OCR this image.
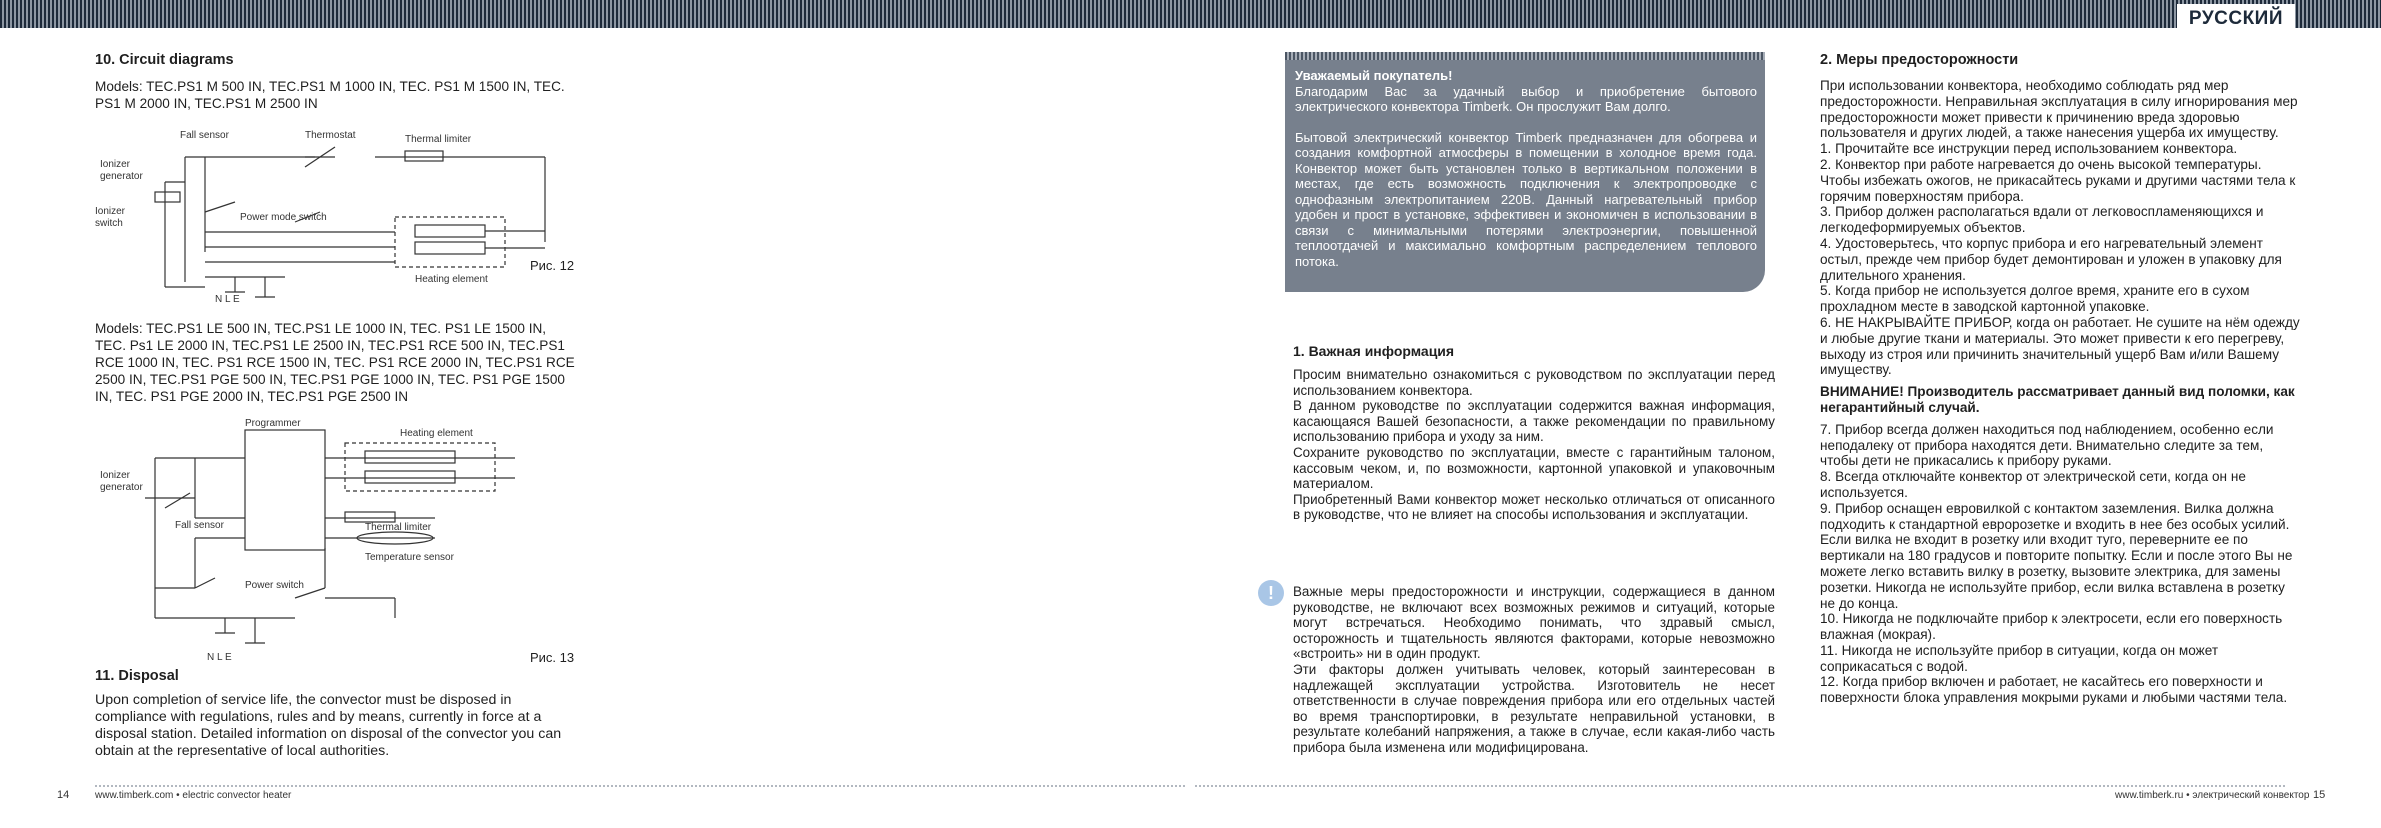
РУССКИЙ
10. Circuit diagrams

Models: TEC.PS1 M 500 IN, TEC.PS1 M 1000 IN, TEC. PS1 M 1500 IN, TEC. PS1 M 2000 IN, TEC.PS1 M 2500 IN

Fall sensor	Thermostat	Thermal limiter
Ionizer
generator
Ionizer
switch
Power mode switch
Heating element
N L E
Рис. 12

Models: TEC.PS1 LE 500 IN, TEC.PS1 LE 1000 IN, TEC. PS1 LE 1500 IN, TEC. Ps1 LE 2000 IN, TEC.PS1 LE 2500 IN, TEC.PS1 RCE 500 IN, TEC.PS1 RCE 1000 IN, TEC. PS1 RCE 1500 IN, TEC. PS1 RCE 2000 IN, TEC.PS1 RCE 2500 IN, TEC.PS1 PGE 500 IN, TEC.PS1 PGE 1000 IN, TEC. PS1 PGE 1500 IN, TEC. PS1 PGE 2000 IN, TEC.PS1 PGE 2500 IN

Programmer
Heating element
Ionizer
generator
Fall sensor	Thermal limiter
Temperature sensor
Power switch
N L E	Рис. 13
11. Disposal

Upon completion of service life, the convector must be disposed in compliance with regulations, rules and by means, currently in force at a disposal station. Detailed information on disposal of the convector you can obtain at the representative of local authorities.

14	www.timberk.com • electric convector heater

Уважаемый покупатель!

Благодарим Вас за удачный выбор и приобретение бытового электрического конвектора Timberk. Он прослужит Вам долго.

Бытовой электрический конвектор Timberk предназначен для обогрева и создания комфортной атмосферы в помещении в холодное время года. Конвектор может быть установлен только в вертикальном положении в местах, где есть возможность подключения к электропроводке с однофазным электропитанием 220В. Данный нагревательный прибор удобен и прост в установке, эффективен и экономичен в использовании в связи с минимальными потерями электроэнергии, повышенной теплоотдачей и максимально комфортным распределением теплового потока.

1. Важная информация

Просим внимательно ознакомиться с руководством по эксплуатации перед использованием конвектора.

В данном руководстве по эксплуатации содержится важная информация, касающаяся Вашей безопасности, а также рекомендации по правильному использованию прибора и уходу за ним.

Сохраните руководство по эксплуатации, вместе с гарантийным талоном, кассовым чеком, и, по возможности, картонной упаковкой и упаковочным материалом.

Приобретенный Вами конвектор может несколько отличаться от описанного в руководстве, что не влияет на способы использования и эксплуатации.

!	Важные меры предосторожности и инструкции, содержащиеся в данном руководстве, не включают всех возможных режимов и ситуаций, которые могут встречаться. Необходимо понимать, что здравый смысл, осторожность и тщательность являются факторами, которые невозможно «встроить» ни в один продукт.

Эти факторы должен учитывать человек, который заинтересован в надлежащей эксплуатации устройства. Изготовитель не несет ответственности в случае повреждения прибора или его отдельных частей во время транспортировки, в результате неправильной установки, в результате колебаний напряжения, а также в случае, если какая-либо часть прибора была изменена или модифицирована.

2. Меры предосторожности

При использовании конвектора, необходимо соблюдать ряд мер предосторожности. Неправильная эксплуатация в силу игнорирования мер предосторожности может привести к причинению вреда здоровью пользователя и других людей, а также нанесения ущерба их имуществу.

1. Прочитайте все инструкции перед использованием конвектора.

2. Конвектор при работе нагревается до очень высокой температуры. Чтобы избежать ожогов, не прикасайтесь руками и другими частями тела к горячим поверхностям прибора.

3. Прибор должен располагаться вдали от легковоспламеняющихся и легкодеформируемых объектов.

4. Удостоверьтесь, что корпус прибора и его нагревательный элемент остыл, прежде чем прибор будет демонтирован и уложен в упаковку для длительного хранения.

5. Когда прибор не используется долгое время, храните его в сухом прохладном месте в заводской картонной упаковке.

6. НЕ НАКРЫВАЙТЕ ПРИБОР, когда он работает. Не сушите на нём одежду и любые другие ткани и материалы. Это может привести к его перегреву, выходу из строя или причинить значительный ущерб Вам и/или Вашему имуществу.

ВНИМАНИЕ! Производитель рассматривает данный вид поломки, как негарантийный случай.

7. Прибор всегда должен находиться под наблюдением, особенно если неподалеку от прибора находятся дети. Внимательно следите за тем, чтобы дети не прикасались к прибору руками.

8. Всегда отключайте конвектор от электрической сети, когда он не используется.

9. Прибор оснащен евровилкой с контактом заземления. Вилка должна подходить к стандартной евророзетке и входить в нее без особых усилий. Если вилка не входит в розетку или входит туго, переверните ее по вертикали на 180 градусов и повторите попытку. Если и после этого Вы не можете легко вставить вилку в розетку, вызовите электрика, для замены розетки. Никогда не используйте прибор, если вилка вставлена в розетку не до конца.

10. Никогда не подключайте прибор к электросети, если его поверхность влажная (мокрая).

11. Никогда не используйте прибор в ситуации, когда он может соприкасаться с водой.

12. Когда прибор включен и работает, не касайтесь его поверхности и поверхности блока управления мокрыми руками и любыми частями тела.

www.timberk.ru • электрический конвектор 15
